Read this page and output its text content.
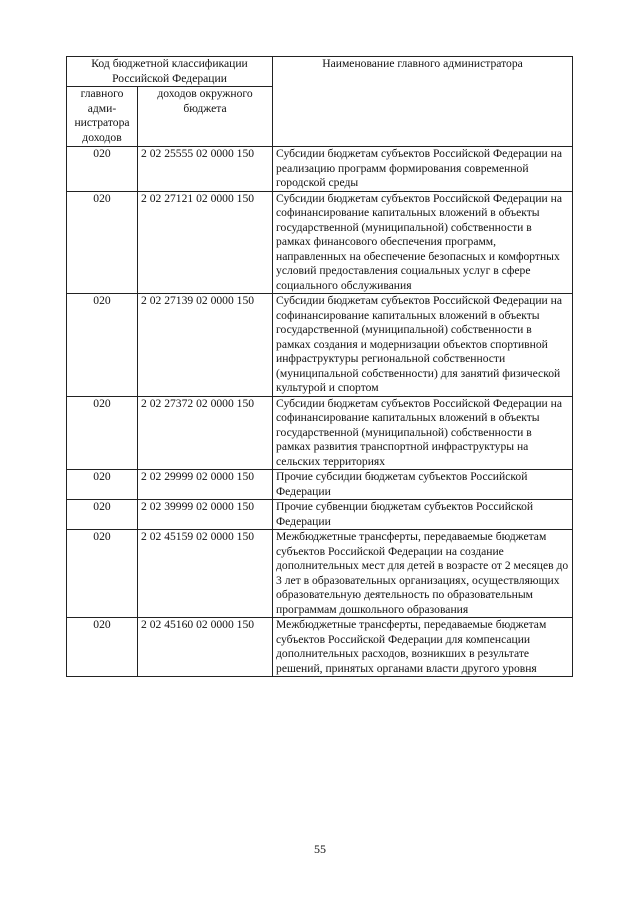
Код бюджетной классификации Российской Федерации		Наименование главного администратора
главного адми-нистратора доходов	доходов окружного бюджета	
020	2 02 25555 02 0000 150	Субсидии бюджетам субъектов Российской Федерации на реализацию программ формирования современной городской среды
020	2 02 27121 02 0000 150	Субсидии бюджетам субъектов Российской Федерации на софинансирование капитальных вложений в объекты государственной (муниципальной) собственности в рамках финансового обеспечения программ, направленных на обеспечение безопасных и комфортных условий предоставления социальных услуг в сфере социального обслуживания
020	2 02 27139 02 0000 150	Субсидии бюджетам субъектов Российской Федерации на софинансирование капитальных вложений в объекты государственной (муниципальной) собственности в рамках создания и модернизации объектов спортивной инфраструктуры региональной собственности (муниципальной собственности) для занятий физической культурой и спортом
020	2 02 27372 02 0000 150	Субсидии бюджетам субъектов Российской Федерации на софинансирование капитальных вложений в объекты государственной (муниципальной) собственности в рамках развития транспортной инфраструктуры на сельских территориях
020	2 02 29999 02 0000 150	Прочие субсидии бюджетам субъектов Российской Федерации
020	2 02 39999 02 0000 150	Прочие субвенции бюджетам субъектов Российской Федерации
020	2 02 45159 02 0000 150	Межбюджетные трансферты, передаваемые бюджетам субъектов Российской Федерации на создание дополнительных мест для детей в возрасте от 2 месяцев до 3 лет в образовательных организациях, осуществляющих образовательную деятельность по образовательным программам дошкольного образования
020	2 02 45160 02 0000 150	Межбюджетные трансферты, передаваемые бюджетам субъектов Российской Федерации для компенсации дополнительных расходов, возникших в результате решений, принятых органами власти другого уровня
55
